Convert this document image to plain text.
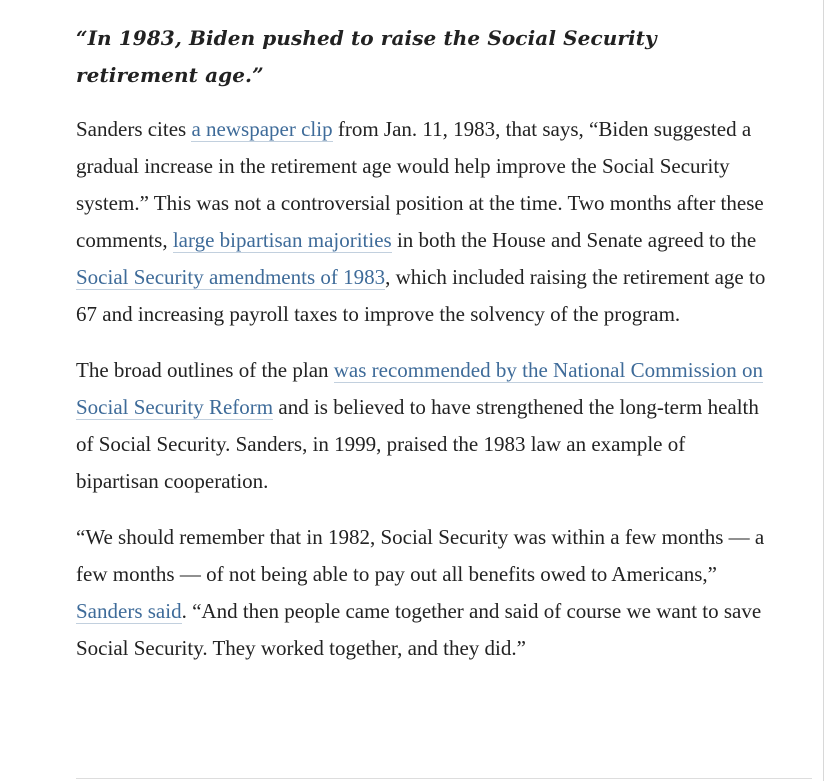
“In 1983, Biden pushed to raise the Social Security retirement age.”

Sanders cites a newspaper clip from Jan. 11, 1983, that says, “Biden suggested a gradual increase in the retirement age would help improve the Social Security system.” This was not a controversial position at the time. Two months after these comments, large bipartisan majorities in both the House and Senate agreed to the Social Security amendments of 1983, which included raising the retirement age to 67 and increasing payroll taxes to improve the solvency of the program.

The broad outlines of the plan was recommended by the National Commission on Social Security Reform and is believed to have strengthened the long-term health of Social Security. Sanders, in 1999, praised the 1983 law an example of bipartisan cooperation.

“We should remember that in 1982, Social Security was within a few months — a few months — of not being able to pay out all benefits owed to Americans,” Sanders said. “And then people came together and said of course we want to save Social Security. They worked together, and they did.”
